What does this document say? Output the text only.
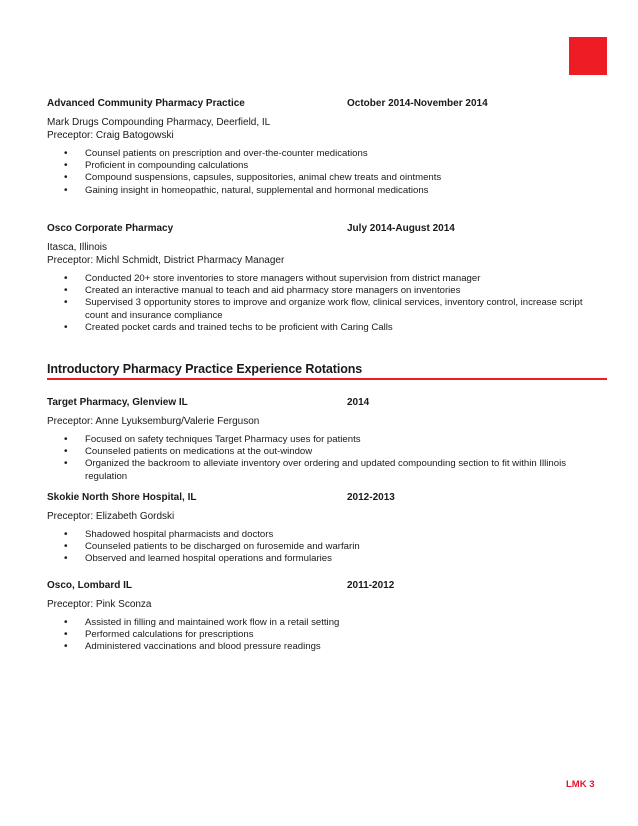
Advanced Community Pharmacy Practice	October 2014-November 2014

Mark Drugs Compounding Pharmacy, Deerfield, IL

Preceptor: Craig Batogowski

• Counsel patients on prescription and over-the-counter medications
• Proficient in compounding calculations
• Compound suspensions, capsules, suppositories, animal chew treats and ointments
• Gaining insight in homeopathic, natural, supplemental and hormonal medications
Osco Corporate Pharmacy	July 2014-August 2014

Itasca, Illinois

Preceptor: Michl Schmidt, District Pharmacy Manager

• Conducted 20+ store inventories to store managers without supervision from district manager
• Created an interactive manual to teach and aid pharmacy store managers on inventories
• Supervised 3 opportunity stores to improve and organize work flow, clinical services, inventory control, increase script count and insurance compliance
• Created pocket cards and trained techs to be proficient with Caring Calls
Introductory Pharmacy Practice Experience Rotations
Target Pharmacy, Glenview IL	2014

Preceptor: Anne Lyuksemburg/Valerie Ferguson

• Focused on safety techniques Target Pharmacy uses for patients
• Counseled patients on medications at the out-window
• Organized the backroom to alleviate inventory over ordering and updated compounding section to fit within Illinois regulation
Skokie North Shore Hospital, IL	2012-2013

Preceptor: Elizabeth Gordski

• Shadowed hospital pharmacists and doctors
• Counseled patients to be discharged on furosemide and warfarin
• Observed and learned hospital operations and formularies
Osco, Lombard IL	2011-2012

Preceptor: Pink Sconza

• Assisted in filling and maintained work flow in a retail setting
• Performed calculations for prescriptions
• Administered vaccinations and blood pressure readings
LMK 3
